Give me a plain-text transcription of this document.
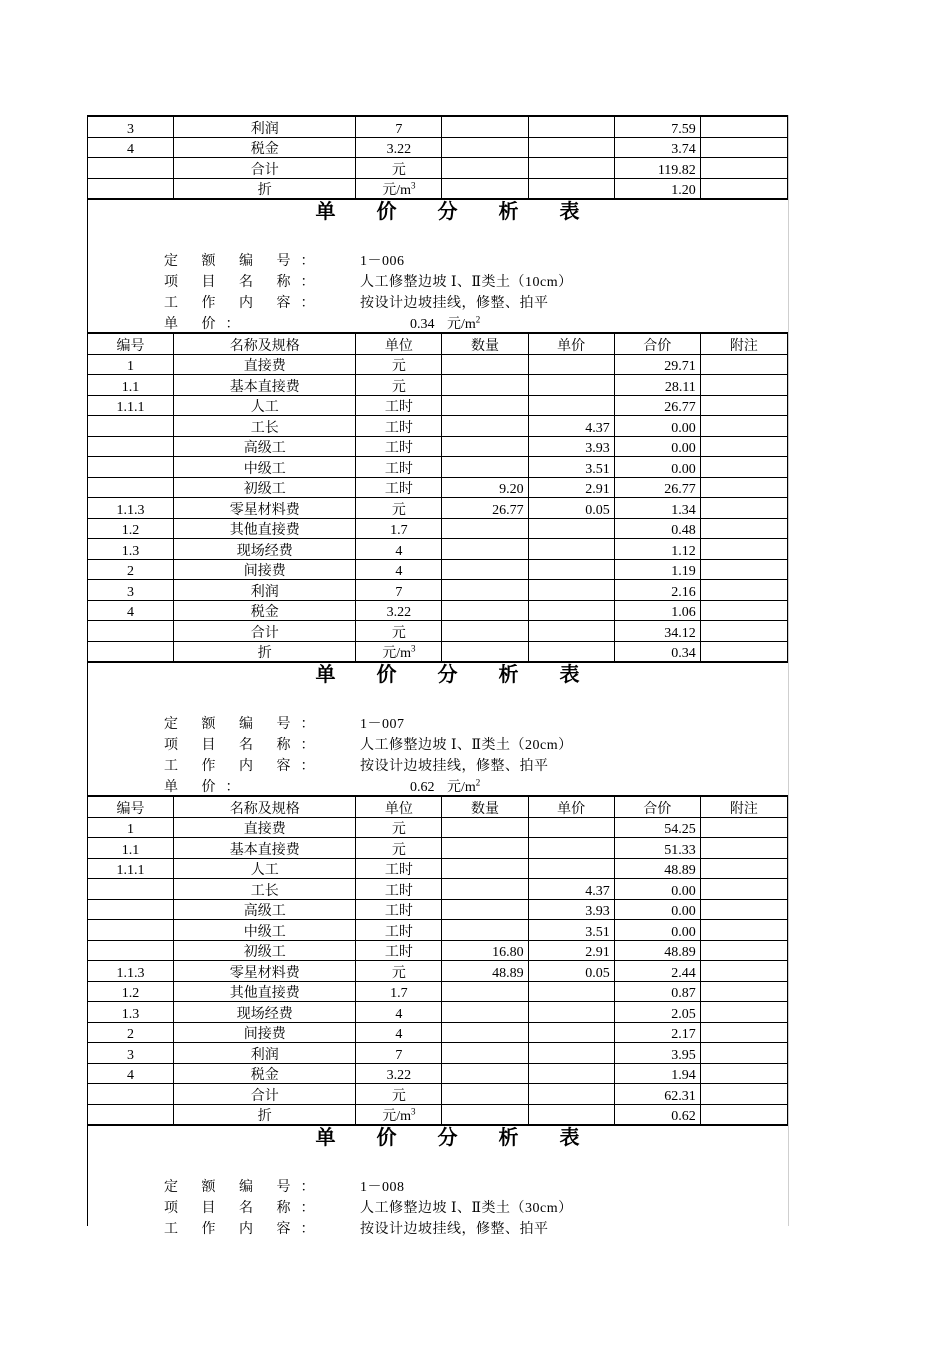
3	利润	7			7.59	
4	税金	3.22			3.74	
	合计	元			119.82	
	折	元$/m^3$			1.20	
单 价 分 析 表
定 额 编 号：	1－006
项 目 名 称：	人工修整边坡 Ⅰ、Ⅱ类土（10cm）
工 作 内 容：	按设计边坡挂线，修整、拍平
单 价：	0.34 元$/m^2$
编号	名称及规格	单位	数量	单价	合价	附注
1	直接费	元			29.71	
1.1	基本直接费	元			28.11	
1.1.1	人工	工时			26.77	
	工长	工时		4.37	0.00	
	高级工	工时		3.93	0.00	
	中级工	工时		3.51	0.00	
	初级工	工时	9.20	2.91	26.77	
1.1.3	零星材料费	元	26.77	0.05	1.34	
1.2	其他直接费	1.7			0.48	
1.3	现场经费	4			1.12	
2	间接费	4			1.19	
3	利润	7			2.16	
4	税金	3.22			1.06	
	合计	元			34.12	
	折	元$/m^3$			0.34	
单 价 分 析 表
定 额 编 号：	1－007
项 目 名 称：	人工修整边坡 Ⅰ、Ⅱ类土（20cm）
工 作 内 容：	按设计边坡挂线，修整、拍平
单 价：	0.62 元$/m^2$
编号	名称及规格	单位	数量	单价	合价	附注
1	直接费	元			54.25	
1.1	基本直接费	元			51.33	
1.1.1	人工	工时			48.89	
	工长	工时		4.37	0.00	
	高级工	工时		3.93	0.00	
	中级工	工时		3.51	0.00	
	初级工	工时	16.80	2.91	48.89	
1.1.3	零星材料费	元	48.89	0.05	2.44	
1.2	其他直接费	1.7			0.87	
1.3	现场经费	4			2.05	
2	间接费	4			2.17	
3	利润	7			3.95	
4	税金	3.22			1.94	
	合计	元			62.31	
	折	元$/m^3$			0.62	
单 价 分 析 表
定 额 编 号：	1－008
项 目 名 称：	人工修整边坡 Ⅰ、Ⅱ类土（30cm）
工 作 内 容：	按设计边坡挂线，修整、拍平
